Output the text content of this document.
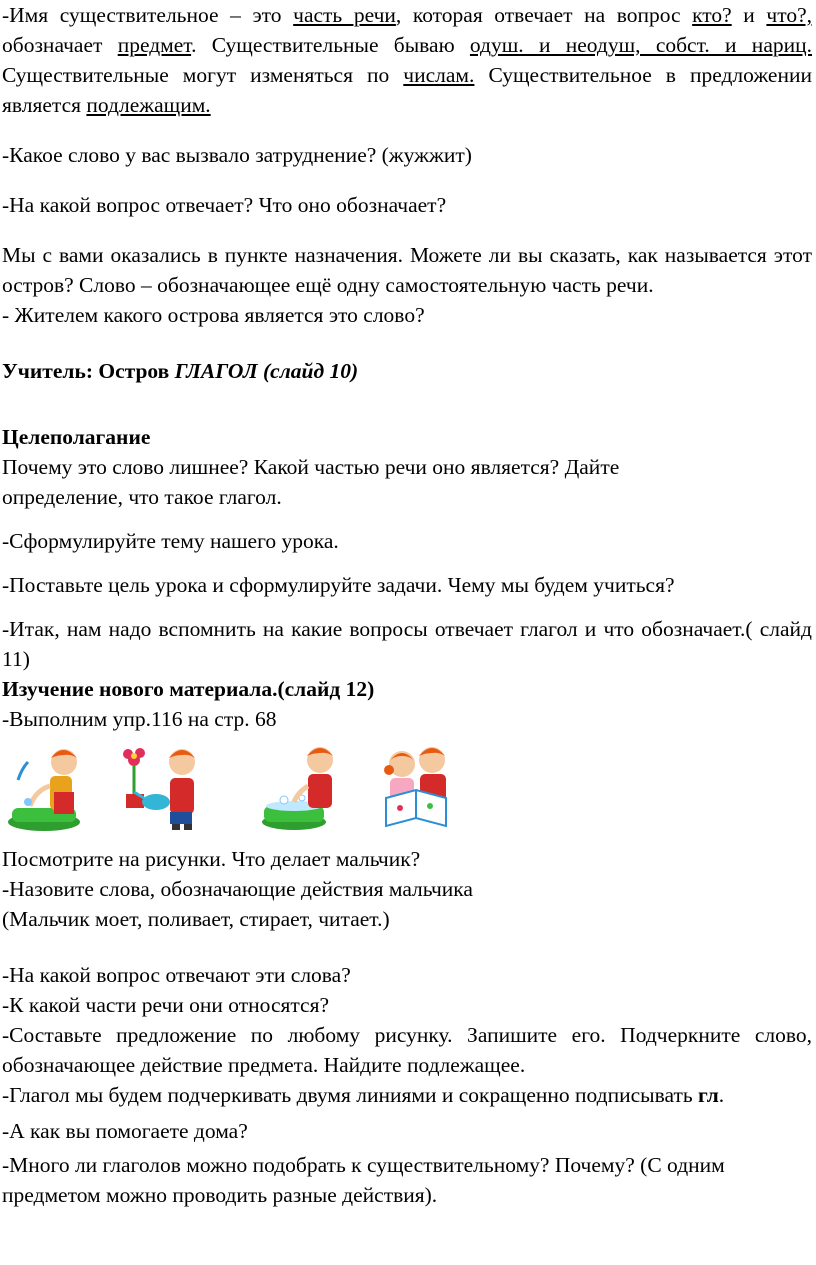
-Имя существительное – это часть речи, которая отвечает на вопрос кто? и что?, обозначает предмет. Существительные бываю одуш. и неодуш, собст. и нариц. Существительные могут изменяться по числам. Существительное в предложении является подлежащим.

-Какое слово у вас вызвало затруднение? (жужжит)

-На какой вопрос отвечает? Что оно обозначает?

Мы с вами оказались в пункте назначения. Можете ли вы сказать, как называется этот остров? Слово – обозначающее ещё одну самостоятельную часть речи.

- Жителем какого острова является это слово?

Учитель: Остров ГЛАГОЛ (слайд 10)

Целеполагание

Почему это слово лишнее? Какой частью речи оно является? Дайте определение, что такое глагол.

-Сформулируйте тему нашего урока.

-Поставьте цель урока и сформулируйте задачи. Чему мы будем учиться?

-Итак, нам надо вспомнить на какие вопросы отвечает глагол и что обозначает.( слайд 11)

Изучение нового материала.(слайд 12)

-Выполним упр.116 на стр. 68

Посмотрите на рисунки. Что делает мальчик?

-Назовите слова, обозначающие действия мальчика

(Мальчик моет, поливает, стирает, читает.)

-На какой вопрос отвечают эти слова?

-К какой части речи они относятся?

-Составьте предложение по любому рисунку. Запишите его. Подчеркните слово, обозначающее действие предмета. Найдите подлежащее.

-Глагол мы будем подчеркивать двумя линиями и сокращенно подписывать гл.

-А как вы помогаете дома?

-Много ли глаголов можно подобрать к существительному? Почему? (С одним предметом можно проводить разные действия).
